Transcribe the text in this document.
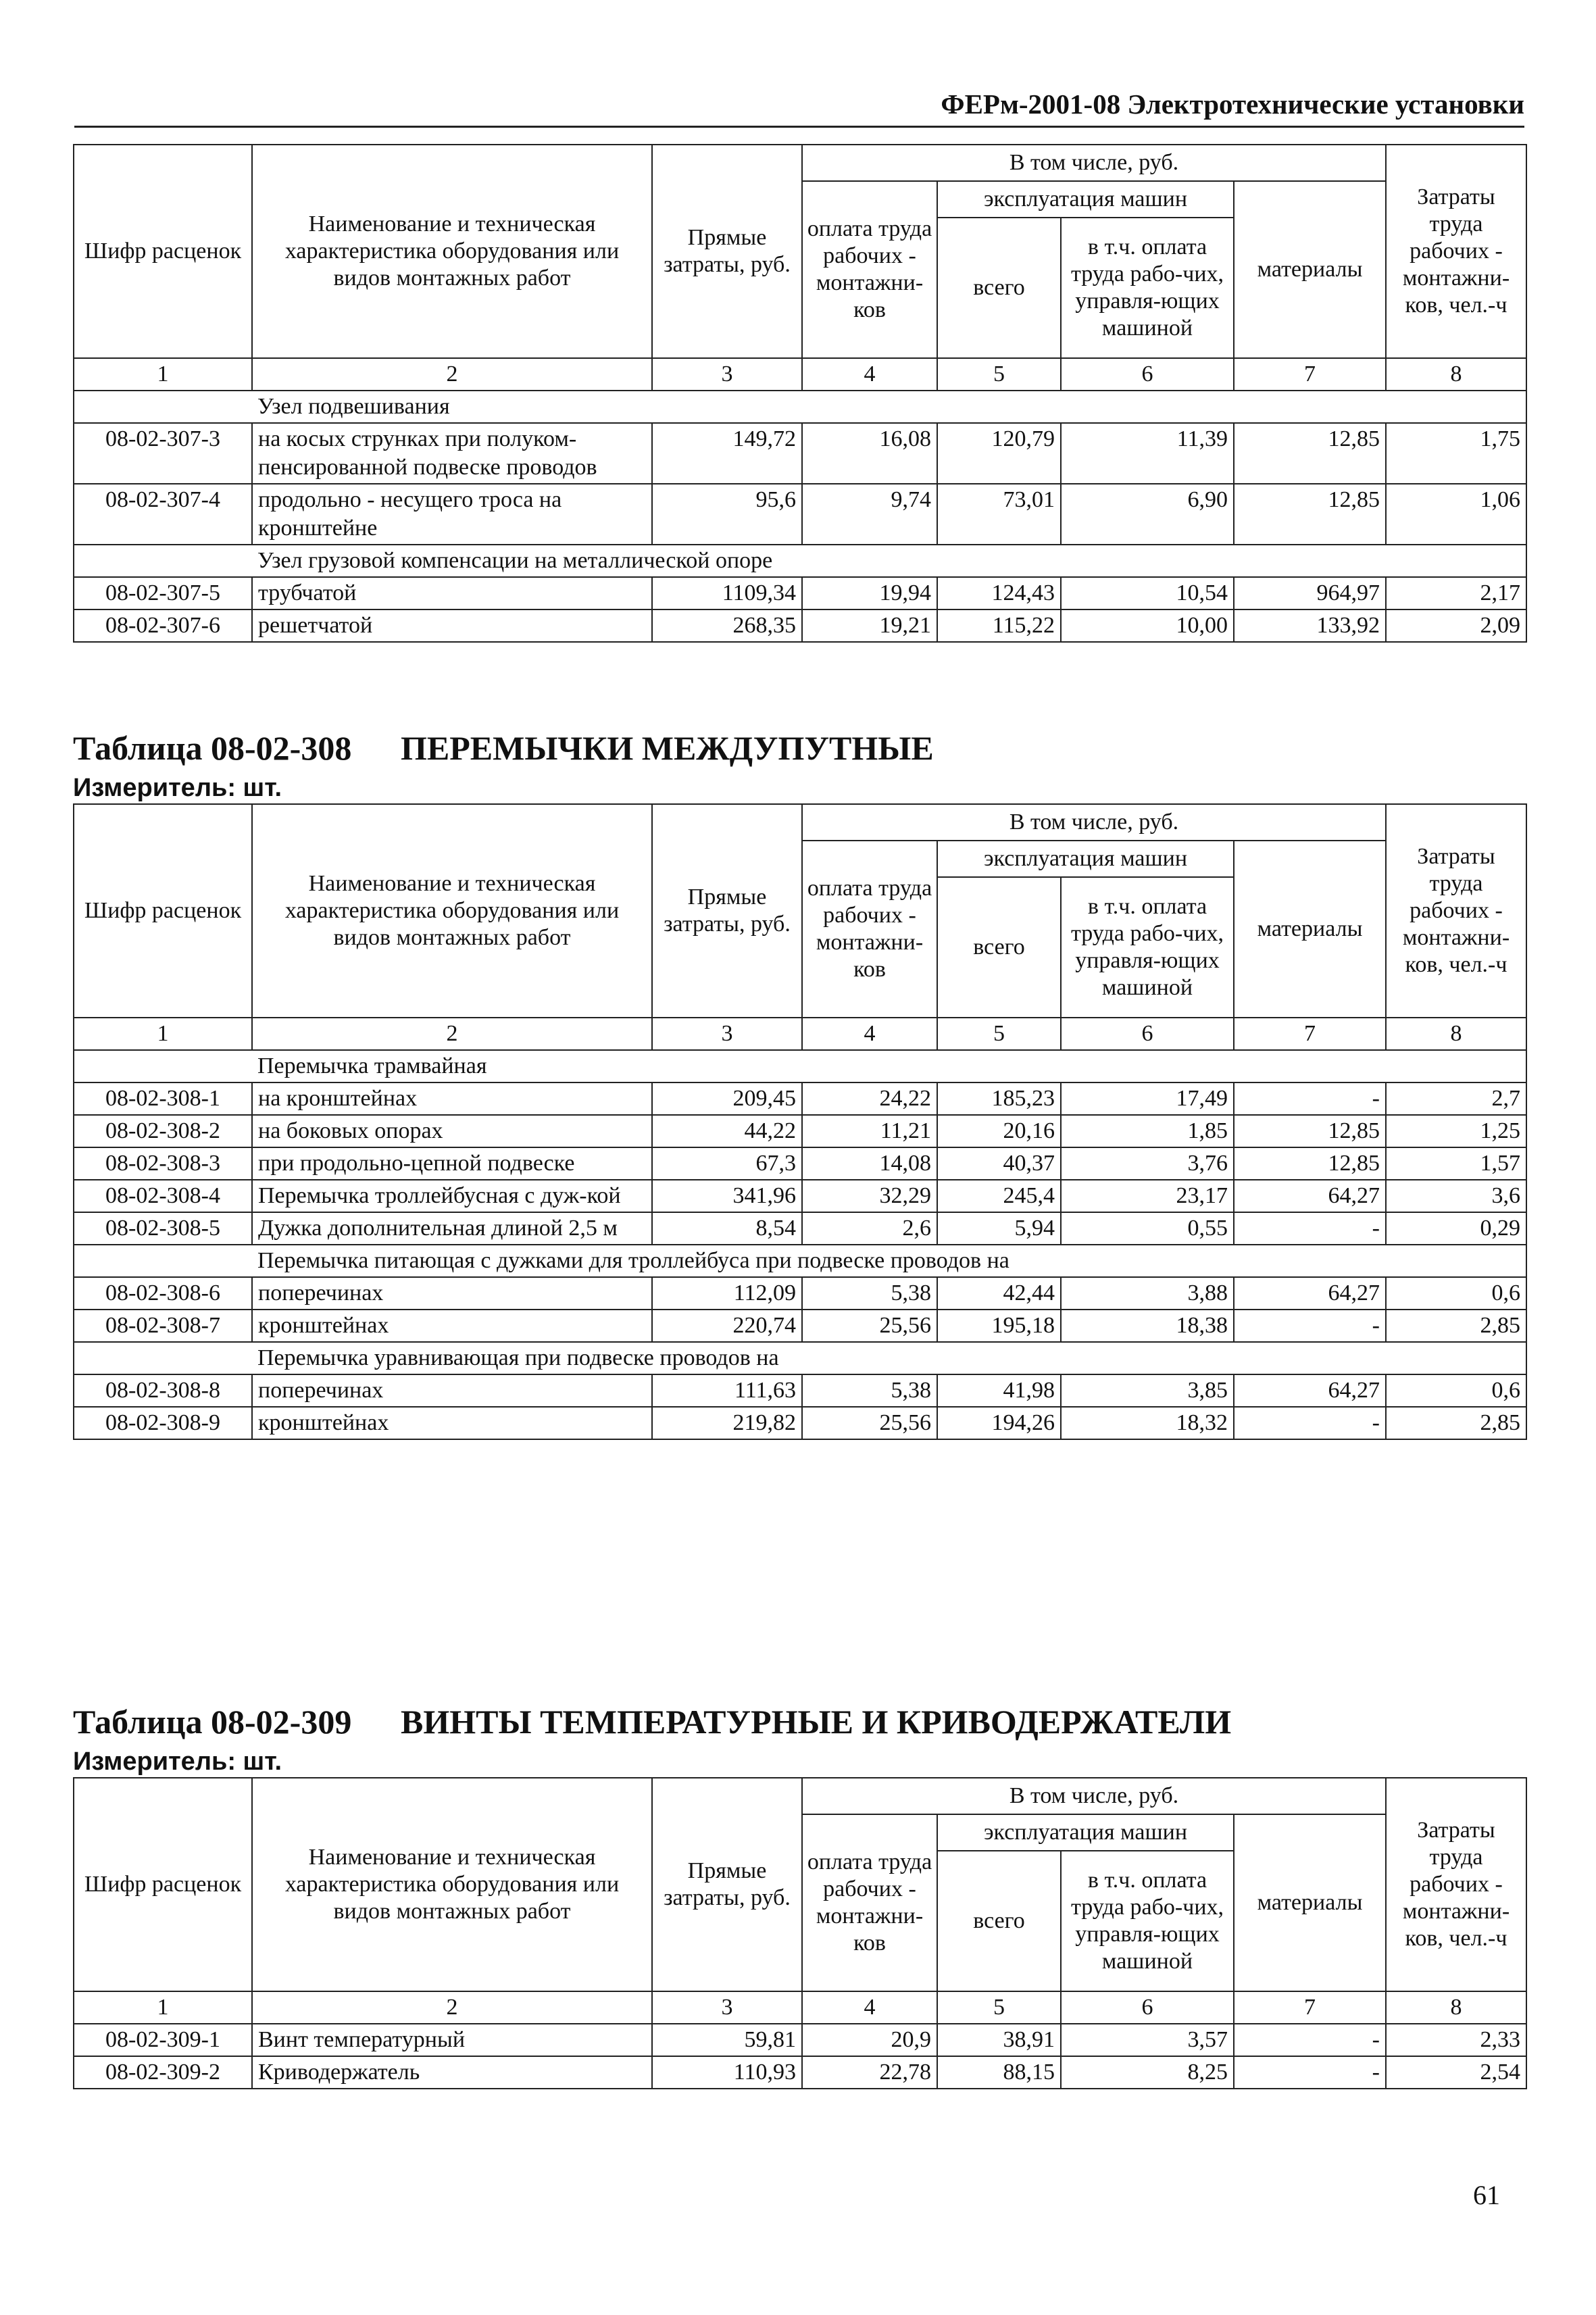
ФЕРм-2001-08 Электротехнические установки
Шифр расценок	Наименование и техническая характеристика оборудования или видов монтажных работ	Прямые затраты, руб.	В том числе, руб.				Затраты труда рабочих - монтажни-ков, чел.-ч
			оплата труда рабочих - монтажни-ков	эксплуатация машин		материалы	
				всего	в т.ч. оплата труда рабо-чих, управля-ющих машиной		
1	2	3	4	5	6	7	8
	Узел подвешивания						
08-02-307-3	на косых струнках при полуком-пенсированной подвеске проводов	149,72	16,08	120,79	11,39	12,85	1,75
08-02-307-4	продольно - несущего троса на кронштейне	95,6	9,74	73,01	6,90	12,85	1,06
	Узел грузовой компенсации на металлической опоре						
08-02-307-5	трубчатой	1109,34	19,94	124,43	10,54	964,97	2,17
08-02-307-6	решетчатой	268,35	19,21	115,22	10,00	133,92	2,09
Таблица 08-02-308 ПЕРЕМЫЧКИ МЕЖДУПУТНЫЕ
Измеритель: шт.
Шифр расценок	Наименование и техническая характеристика оборудования или видов монтажных работ	Прямые затраты, руб.	В том числе, руб.				Затраты труда рабочих - монтажни-ков, чел.-ч
			оплата труда рабочих - монтажни-ков	эксплуатация машин		материалы	
				всего	в т.ч. оплата труда рабо-чих, управля-ющих машиной		
1	2	3	4	5	6	7	8
	Перемычка трамвайная						
08-02-308-1	на кронштейнах	209,45	24,22	185,23	17,49	-	2,7
08-02-308-2	на боковых опорах	44,22	11,21	20,16	1,85	12,85	1,25
08-02-308-3	при продольно-цепной подвеске	67,3	14,08	40,37	3,76	12,85	1,57
08-02-308-4	Перемычка троллейбусная с дуж-кой	341,96	32,29	245,4	23,17	64,27	3,6
08-02-308-5	Дужка дополнительная длиной 2,5 м	8,54	2,6	5,94	0,55	-	0,29
	Перемычка питающая с дужками для троллейбуса при подвеске проводов на						
08-02-308-6	поперечинах	112,09	5,38	42,44	3,88	64,27	0,6
08-02-308-7	кронштейнах	220,74	25,56	195,18	18,38	-	2,85
	Перемычка уравнивающая при подвеске проводов на						
08-02-308-8	поперечинах	111,63	5,38	41,98	3,85	64,27	0,6
08-02-308-9	кронштейнах	219,82	25,56	194,26	18,32	-	2,85
Таблица 08-02-309 ВИНТЫ ТЕМПЕРАТУРНЫЕ И КРИВОДЕРЖАТЕЛИ
Измеритель: шт.
Шифр расценок	Наименование и техническая характеристика оборудования или видов монтажных работ	Прямые затраты, руб.	В том числе, руб.				Затраты труда рабочих - монтажни-ков, чел.-ч
			оплата труда рабочих - монтажни-ков	эксплуатация машин		материалы	
				всего	в т.ч. оплата труда рабо-чих, управля-ющих машиной		
1	2	3	4	5	6	7	8
08-02-309-1	Винт температурный	59,81	20,9	38,91	3,57	-	2,33
08-02-309-2	Криводержатель	110,93	22,78	88,15	8,25	-	2,54
61
